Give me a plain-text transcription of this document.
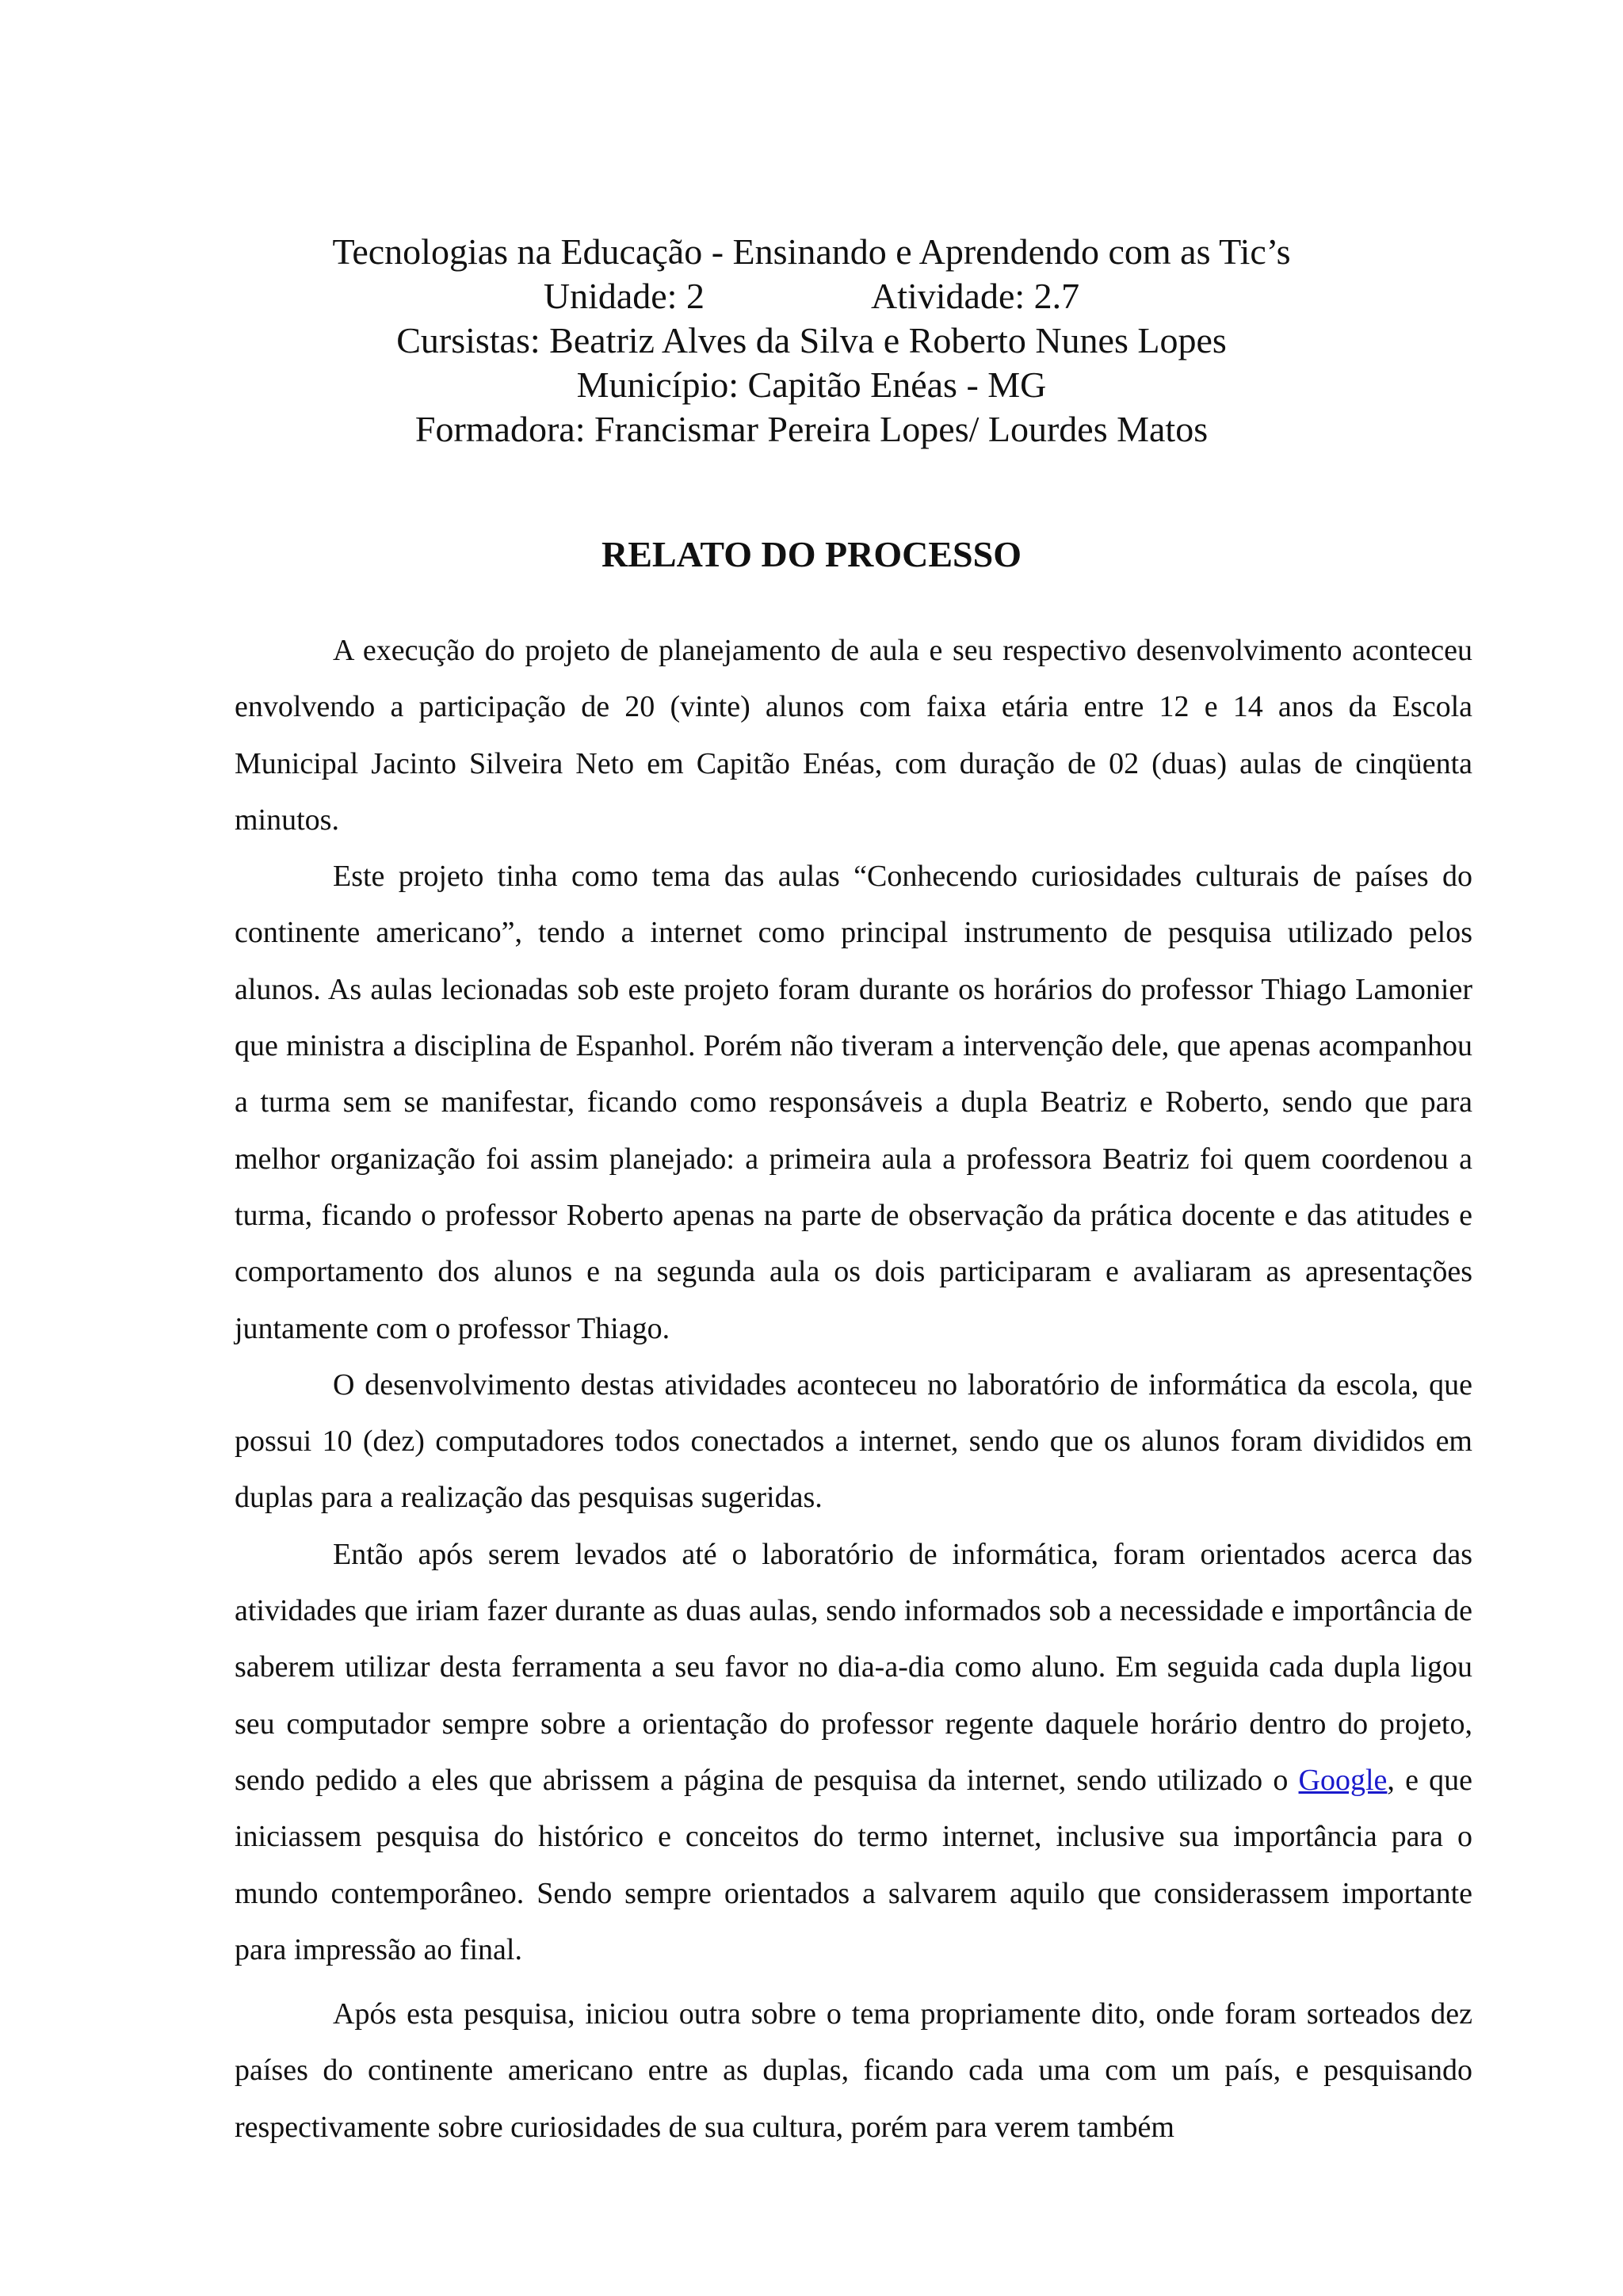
Tecnologias na Educação - Ensinando e Aprendendo com as Tic’s
Unidade: 2	Atividade: 2.7
Cursistas: Beatriz Alves da Silva e Roberto Nunes Lopes
Município: Capitão Enéas - MG
Formadora: Francismar Pereira Lopes/ Lourdes Matos
RELATO DO PROCESSO

A execução do projeto de planejamento de aula e seu respectivo desenvolvimento aconteceu envolvendo a participação de 20 (vinte) alunos com faixa etária entre 12 e 14 anos da Escola Municipal Jacinto Silveira Neto em Capitão Enéas, com duração de 02 (duas) aulas de cinqüenta minutos.

Este projeto tinha como tema das aulas “Conhecendo curiosidades culturais de países do continente americano”, tendo a internet como principal instrumento de pesquisa utilizado pelos alunos. As aulas lecionadas sob este projeto foram durante os horários do professor Thiago Lamonier que ministra a disciplina de Espanhol. Porém não tiveram a intervenção dele, que apenas acompanhou a turma sem se manifestar, ficando como responsáveis a dupla Beatriz e Roberto, sendo que para melhor organização foi assim planejado: a primeira aula a professora Beatriz foi quem coordenou a turma, ficando o professor Roberto apenas na parte de observação da prática docente e das atitudes e comportamento dos alunos e na segunda aula os dois participaram e avaliaram as apresentações juntamente com o professor Thiago.

O desenvolvimento destas atividades aconteceu no laboratório de informática da escola, que possui 10 (dez) computadores todos conectados a internet, sendo que os alunos foram divididos em duplas para a realização das pesquisas sugeridas.

Então após serem levados até o laboratório de informática, foram orientados acerca das atividades que iriam fazer durante as duas aulas, sendo informados sob a necessidade e importância de saberem utilizar desta ferramenta a seu favor no dia-a-dia como aluno. Em seguida cada dupla ligou seu computador sempre sobre a orientação do professor regente daquele horário dentro do projeto, sendo pedido a eles que abrissem a página de pesquisa da internet, sendo utilizado o Google, e que iniciassem pesquisa do histórico e conceitos do termo internet, inclusive sua importância para o mundo contemporâneo. Sendo sempre orientados a salvarem aquilo que considerassem importante para impressão ao final.

Após esta pesquisa, iniciou outra sobre o tema propriamente dito, onde foram sorteados dez países do continente americano entre as duplas, ficando cada uma com um país, e pesquisando respectivamente sobre curiosidades de sua cultura, porém para verem também
